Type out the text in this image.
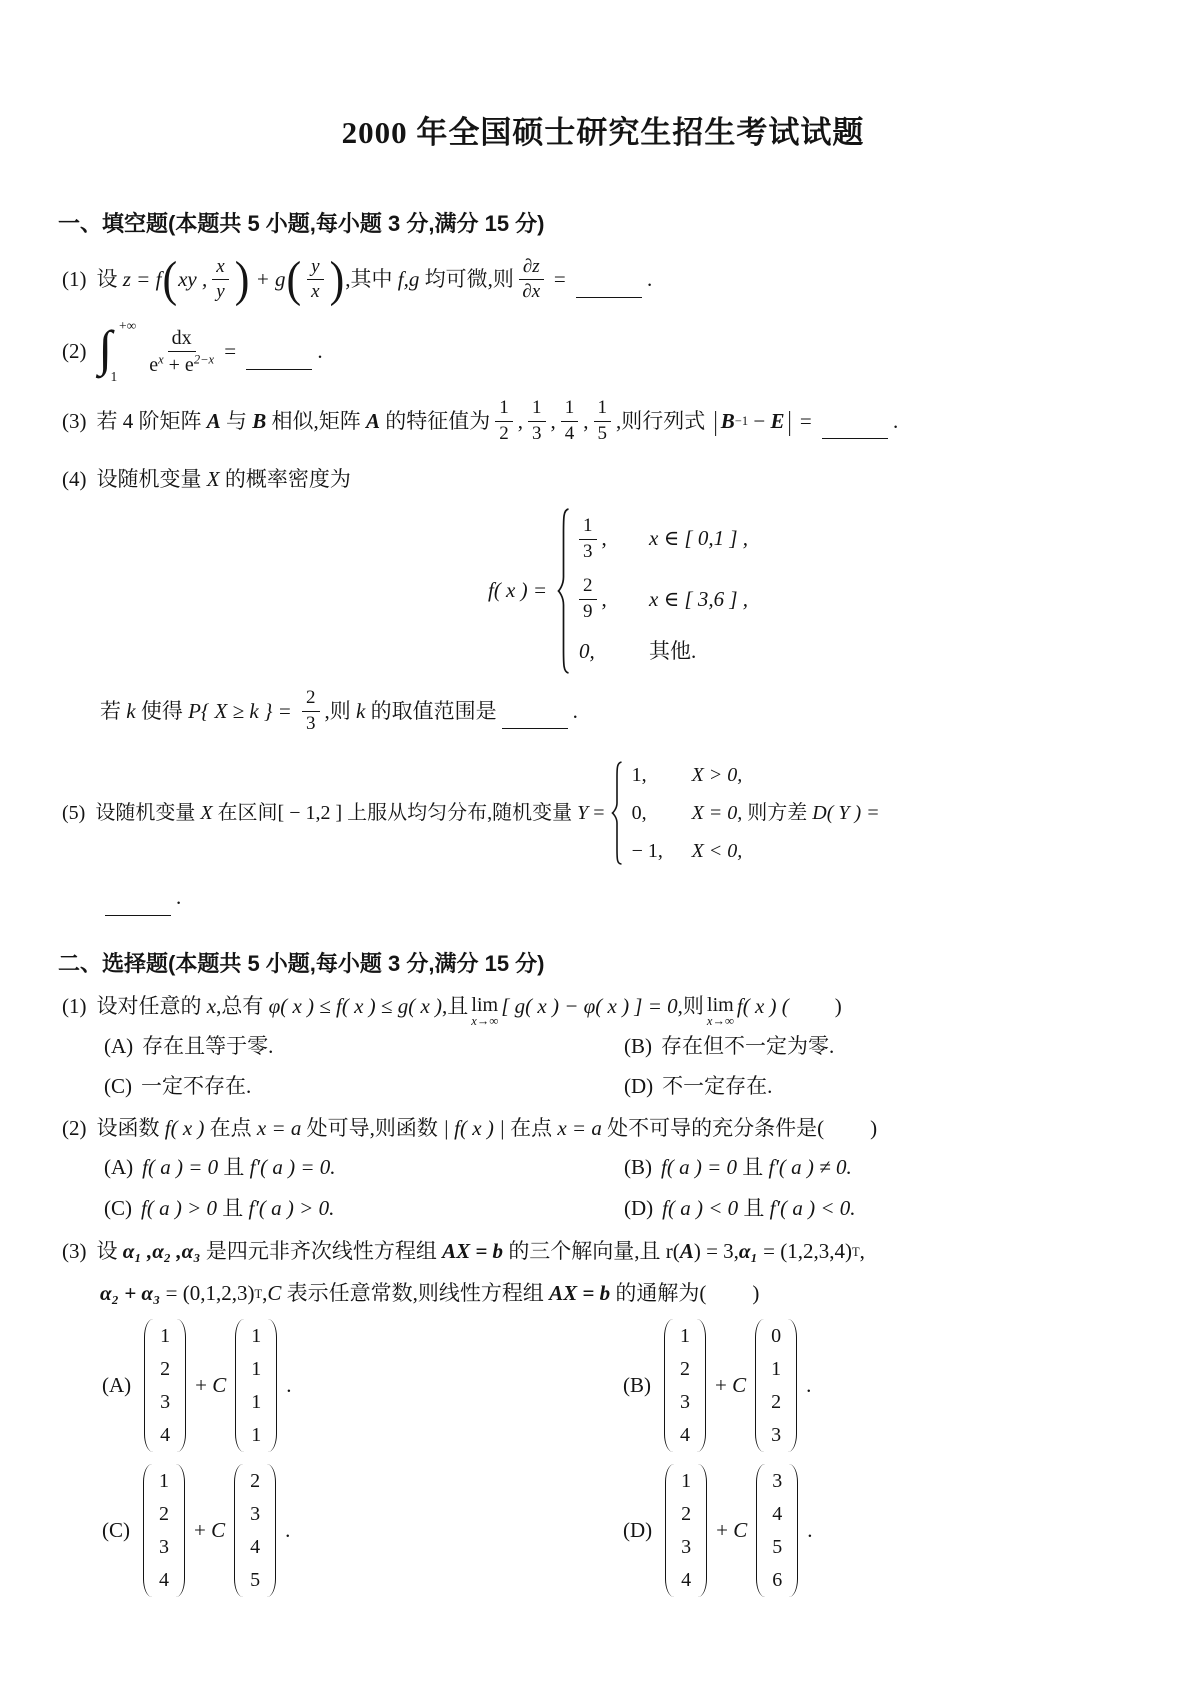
2000 年全国硕士研究生招生考试试题
一、填空题(本题共 5 小题,每小题 3 分,满分 15 分)
(1) 设 z = f ( xy , $\frac{x}{y}$ ) + g ( $\frac{y}{x}$ ) ,其中 f,g 均可微,则 $\frac{\partial z}{\partial x}$ =	.
(2) ∫ +∞
$1 \frac{dx}{e^x + e^{2-x}}$ =	.
(3) 若 4 阶矩阵 A 与 B 相似,矩阵 A 的特征值为 $\frac{1}{2}$ , $\frac{1}{3}$ , $\frac{1}{4}$ , $\frac{1}{5}$ ,则行列式 | B −1 − E | =	.
(4) 设随机变量 X 的概率密度为
f( x ) =
$\frac{1}{3}$ , x ∈ [ 0,1 ] ,
$\frac{2}{9}$ , x ∈ [ 3,6 ] ,
0,	其他.
若 k 使得 P{ X ≥ k } = $\frac{2}{3}$ ,则 k 的取值范围是	.
(5) 设随机变量 X 在区间[ − 1,2 ] 上服从均匀分布,随机变量 Y =
1,	X > 0,
0,	X = 0,
− 1,	X < 0,
则方差 D( Y ) =
.
二、选择题(本题共 5 小题,每小题 3 分,满分 15 分)
(1) 设对任意的 x ,总有 φ( x ) ≤ f( x ) ≤ g( x ) ,且 lim
x→∞
[ g( x ) − φ( x ) ] = 0 ,则 lim
x→∞
f( x ) ( )
(A) 存在且等于零.	(B) 存在但不一定为零.
(C) 一定不存在.	(D) 不一定存在.
(2) 设函数 f( x ) 在点 x = a 处可导,则函数 | f( x ) | 在点 x = a 处不可导的充分条件是( )
(A) f( a ) = 0 且 f′( a ) = 0.	(B) f( a ) = 0 且 f′( a ) ≠ 0.
(C) f( a ) > 0 且 f′( a ) > 0.	(D) f( a ) < 0 且 f′( a ) < 0.
(3) 设 α₁ ,α₂ ,α₃ 是四元非齐次线性方程组 AX = b 的三个解向量,且 r( A ) = 3, α₁ = (1,2,3,4) T ,
α₂ + α₃ = (0,1,2,3) T , C 表示任意常数,则线性方程组 AX = b 的通解为( )
(A)
1
2
3
4
+ C
1
1
1
1
.	(B)
1
2
3
4
+ C
0
1
2
3
.
(C)
1
2
3
4
+ C
2
3
4
5
.	(D)
1
2
3
4
+ C
3
4
5
6
.
